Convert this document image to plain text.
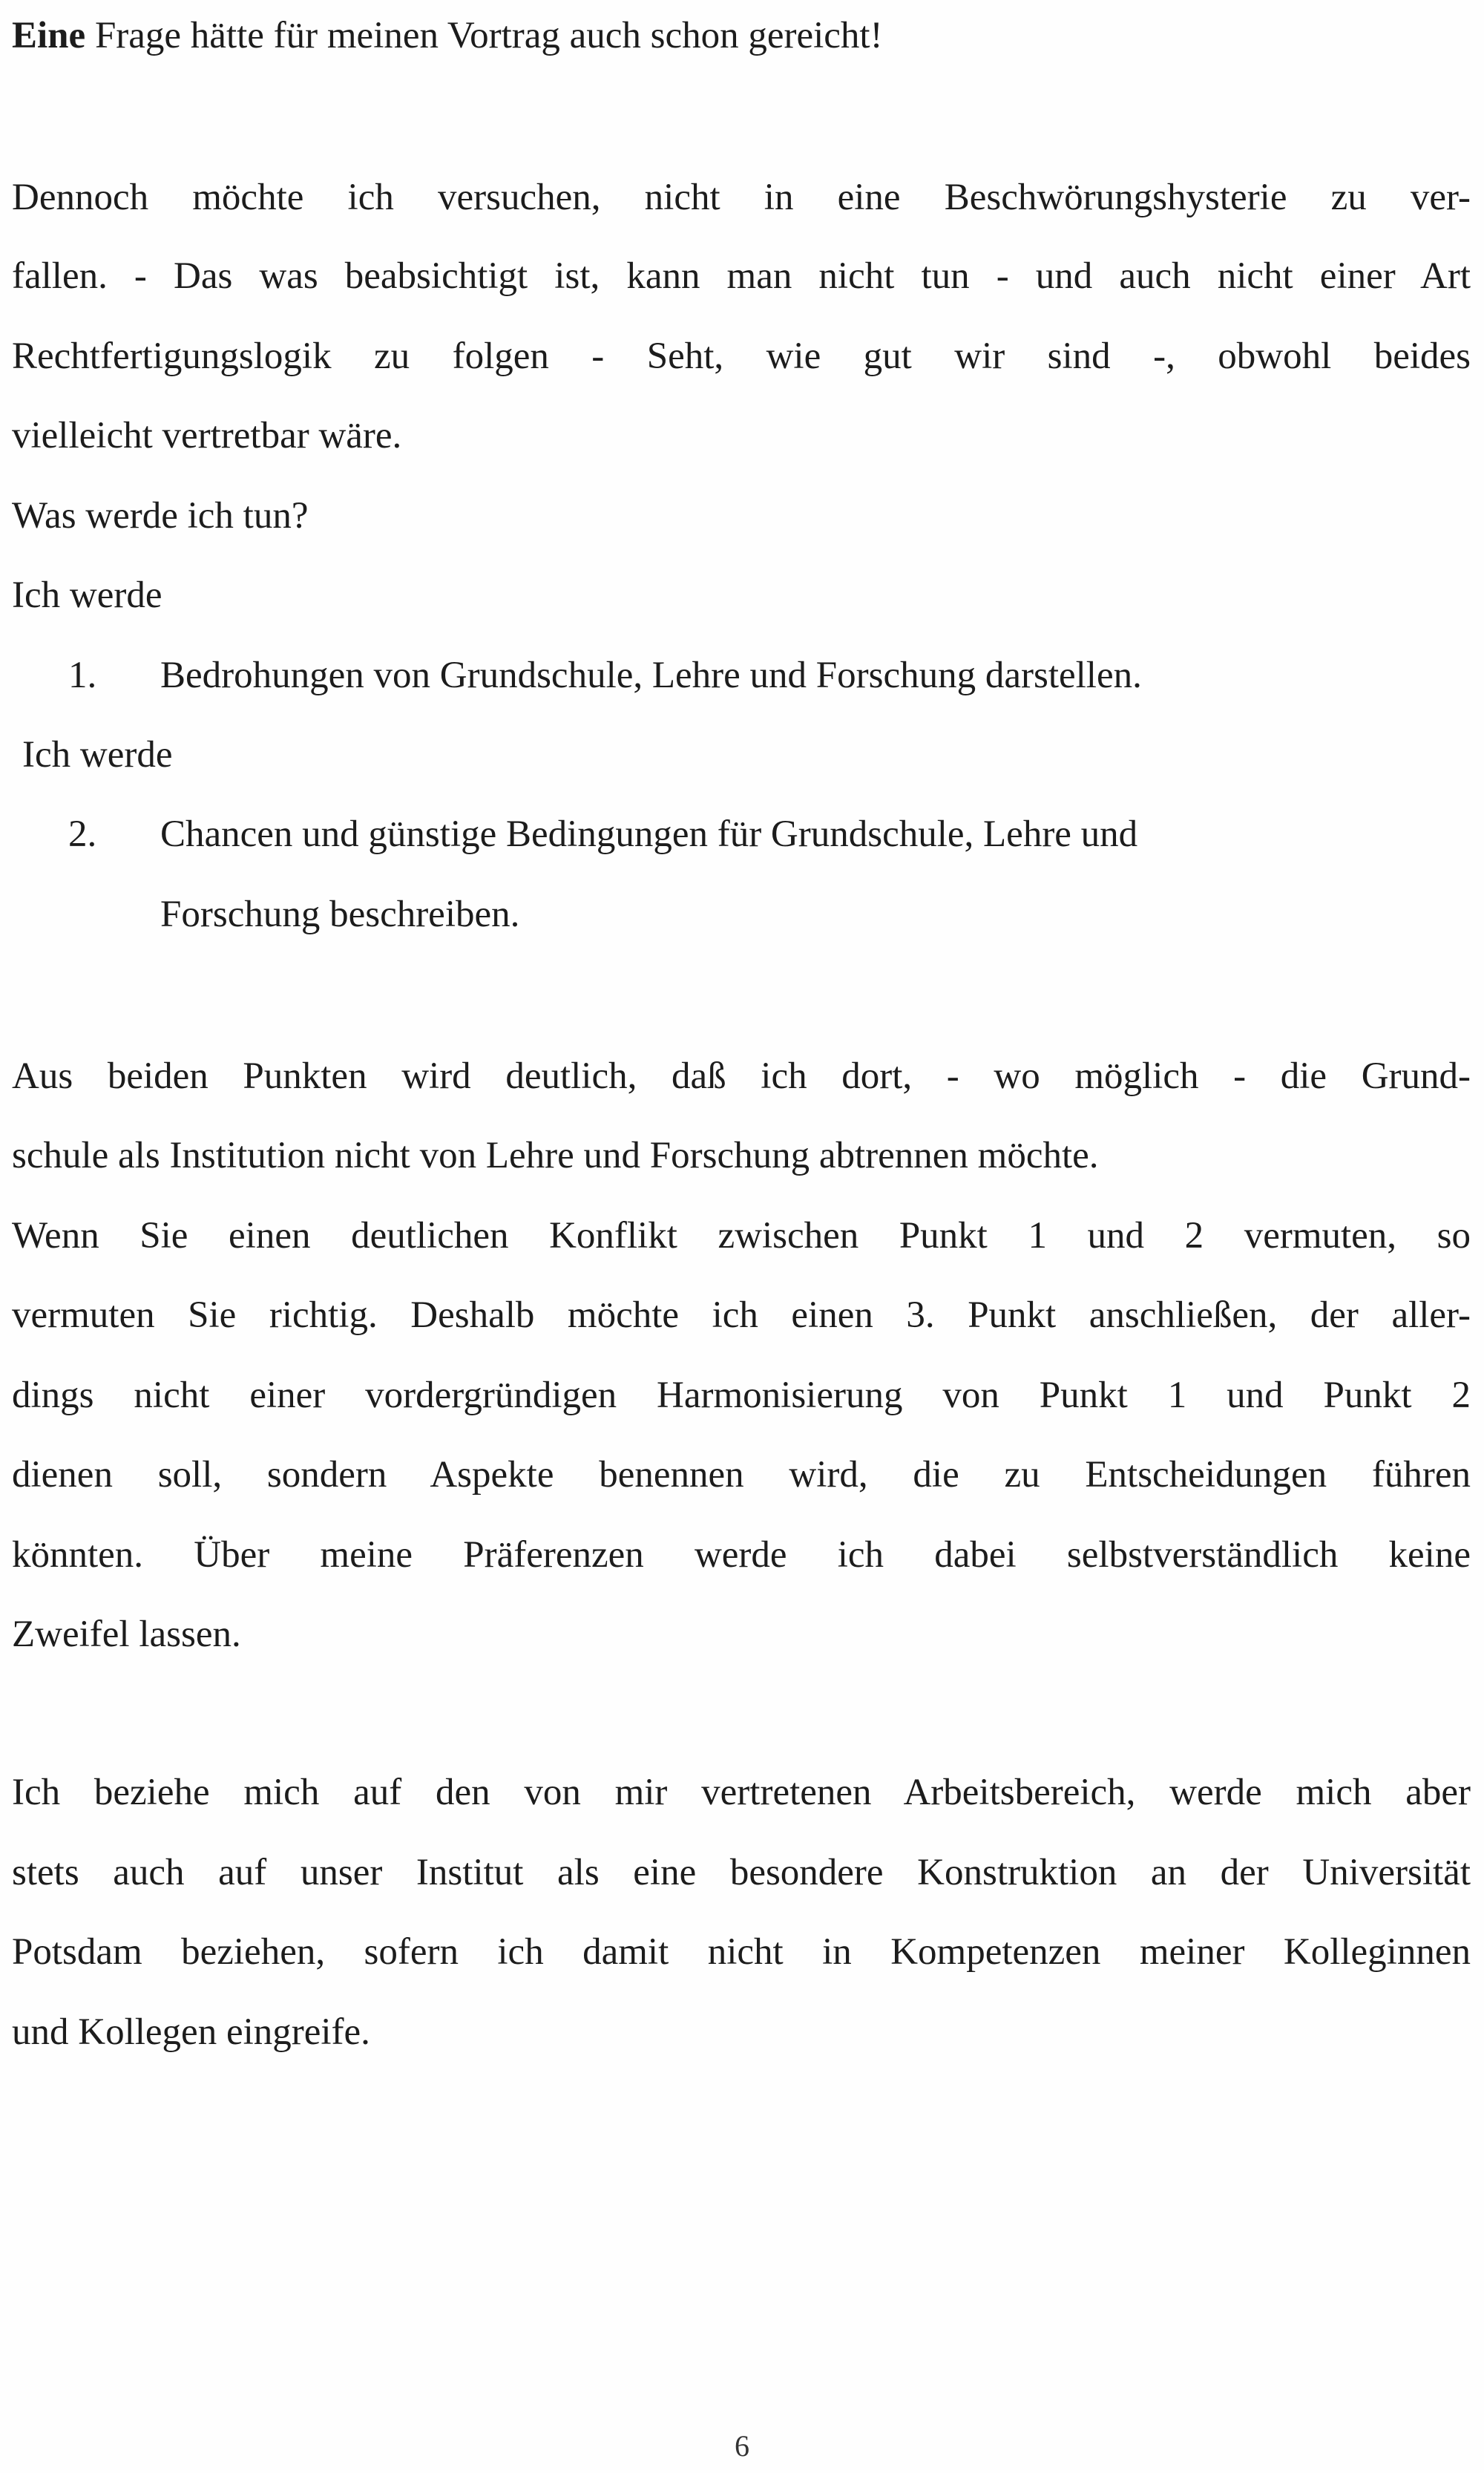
Eine Frage hätte für meinen Vortrag auch schon gereicht!
Dennoch möchte ich versuchen, nicht in eine Beschwörungshysterie zu ver-
fallen. - Das was beabsichtigt ist, kann man nicht tun - und auch nicht einer Art
Rechtfertigungslogik zu folgen - Seht, wie gut wir sind -, obwohl beides
vielleicht vertretbar wäre.
Was werde ich tun?
Ich werde
1. Bedrohungen von Grundschule, Lehre und Forschung darstellen.
Ich werde
2. Chancen und günstige Bedingungen für Grundschule, Lehre und
Forschung beschreiben.
Aus beiden Punkten wird deutlich, daß ich dort, - wo möglich - die Grund-
schule als Institution nicht von Lehre und Forschung abtrennen möchte.
Wenn Sie einen deutlichen Konflikt zwischen Punkt 1 und 2 vermuten, so
vermuten Sie richtig. Deshalb möchte ich einen 3. Punkt anschließen, der aller-
dings nicht einer vordergründigen Harmonisierung von Punkt 1 und Punkt 2
dienen soll, sondern Aspekte benennen wird, die zu Entscheidungen führen
könnten. Über meine Präferenzen werde ich dabei selbstverständlich keine
Zweifel lassen.
Ich beziehe mich auf den von mir vertretenen Arbeitsbereich, werde mich aber
stets auch auf unser Institut als eine besondere Konstruktion an der Universität
Potsdam beziehen, sofern ich damit nicht in Kompetenzen meiner Kolleginnen
und Kollegen eingreife.
6
